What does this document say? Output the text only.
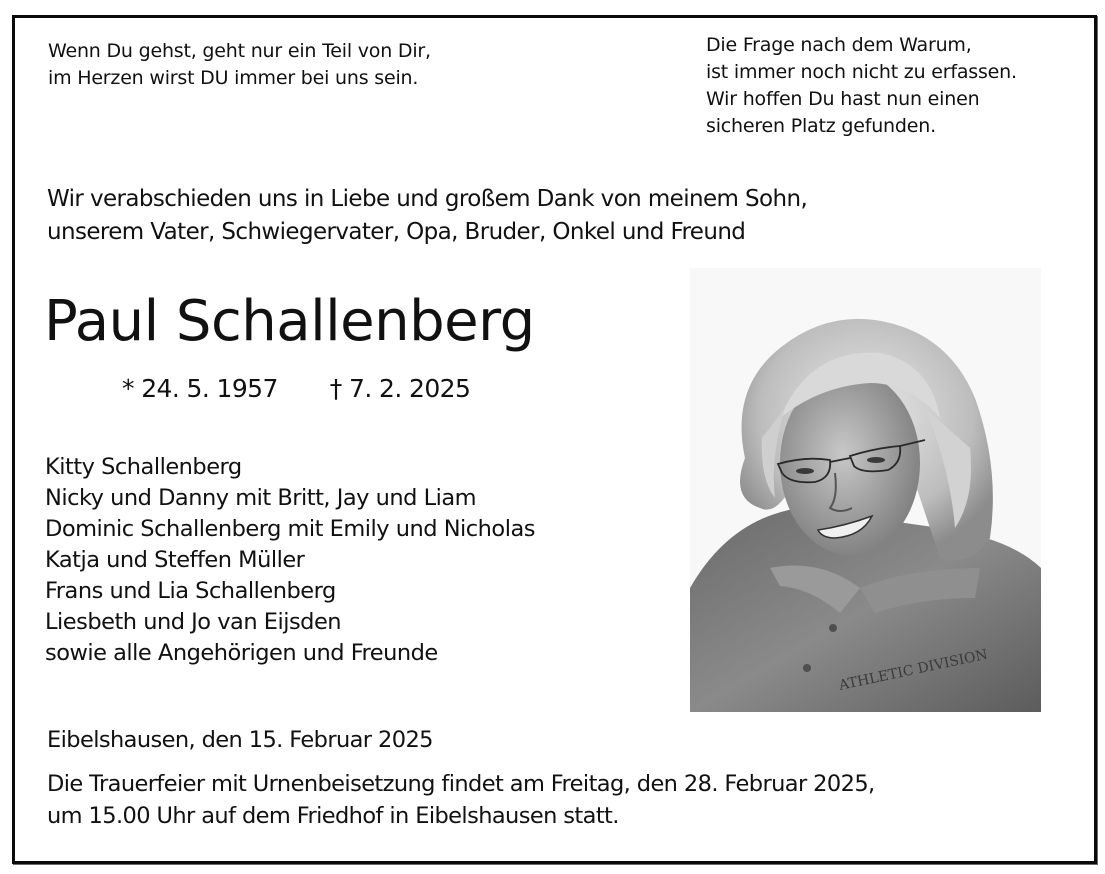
Wenn Du gehst, geht nur ein Teil von Dir,
im Herzen wirst DU immer bei uns sein.
Die Frage nach dem Warum,
ist immer noch nicht zu erfassen.
Wir hoffen Du hast nun einen
sicheren Platz gefunden.
Wir verabschieden uns in Liebe und großem Dank von meinem Sohn,
unserem Vater, Schwiegervater, Opa, Bruder, Onkel und Freund
Paul Schallenberg
* 24. 5. 1957 † 7. 2. 2025
Kitty Schallenberg
Nicky und Danny mit Britt, Jay und Liam
Dominic Schallenberg mit Emily und Nicholas
Katja und Steffen Müller
Frans und Lia Schallenberg
Liesbeth und Jo van Eijsden
sowie alle Angehörigen und Freunde
Eibelshausen, den 15. Februar 2025
Die Trauerfeier mit Urnenbeisetzung findet am Freitag, den 28. Februar 2025,
um 15.00 Uhr auf dem Friedhof in Eibelshausen statt.
ATHLETIC DIVISION
